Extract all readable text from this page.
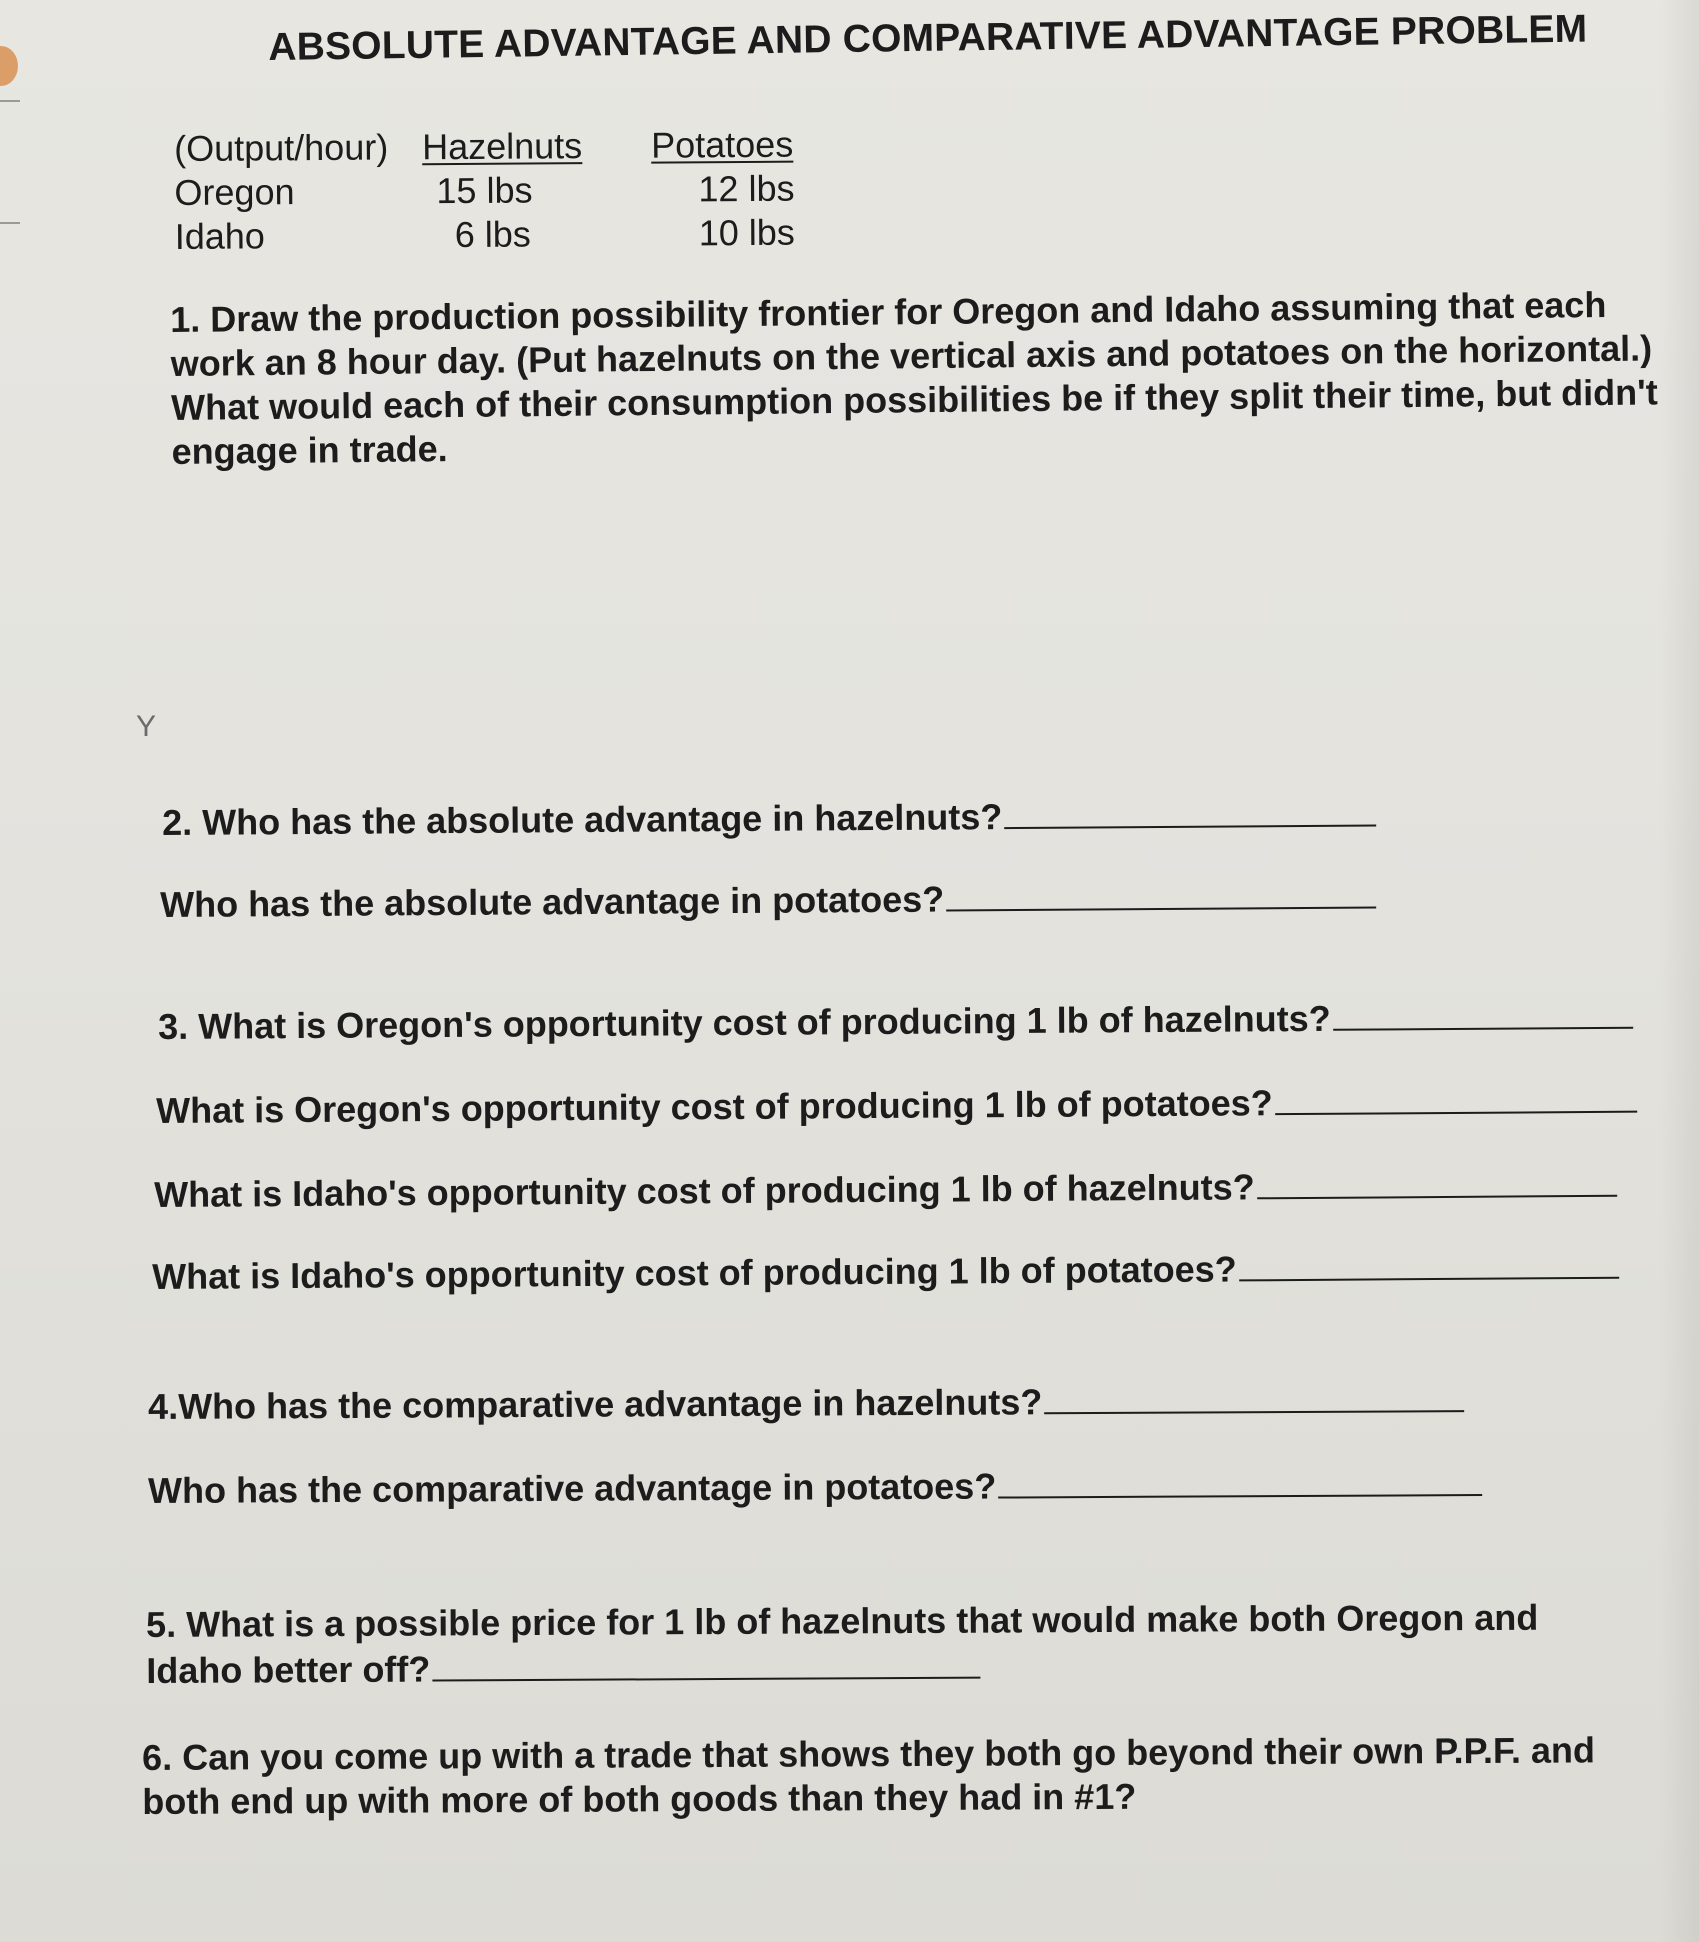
ABSOLUTE ADVANTAGE AND COMPARATIVE ADVANTAGE PROBLEM
(Output/hour) Hazelnuts Potatoes
Oregon	15 lbs	12 lbs
Idaho	6 lbs	10 lbs
1. Draw the production possibility frontier for Oregon and Idaho assuming that each
work an 8 hour day. (Put hazelnuts on the vertical axis and potatoes on the horizontal.)
What would each of their consumption possibilities be if they split their time, but didn't
engage in trade.
Y
2. Who has the absolute advantage in hazelnuts?
Who has the absolute advantage in potatoes?
3. What is Oregon's opportunity cost of producing 1 lb of hazelnuts?
What is Oregon's opportunity cost of producing 1 lb of potatoes?
What is Idaho's opportunity cost of producing 1 lb of hazelnuts?
What is Idaho's opportunity cost of producing 1 lb of potatoes?
4.Who has the comparative advantage in hazelnuts?
Who has the comparative advantage in potatoes?
5. What is a possible price for 1 lb of hazelnuts that would make both Oregon and
Idaho better off?
6. Can you come up with a trade that shows they both go beyond their own P.P.F. and
both end up with more of both goods than they had in #1?
